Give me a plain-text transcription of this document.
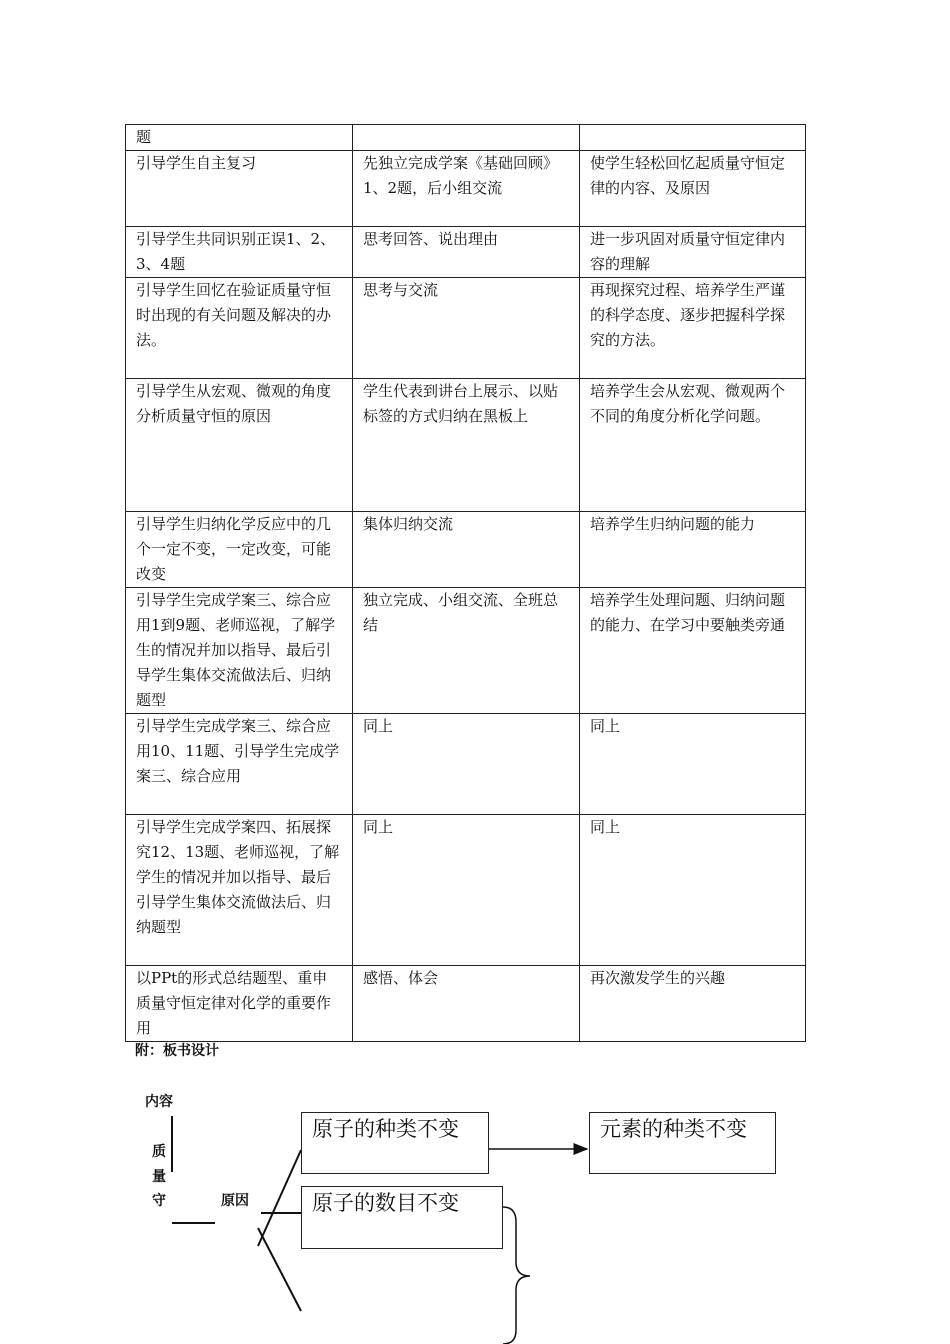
题		
引导学生自主复习	先独立完成学案《基础回顾》1、2题，后小组交流	使学生轻松回忆起质量守恒定律的内容、及原因
引导学生共同识别正误1、2、3、4题	思考回答、说出理由	进一步巩固对质量守恒定律内容的理解
引导学生回忆在验证质量守恒时出现的有关问题及解决的办法。	思考与交流	再现探究过程、培养学生严谨的科学态度、逐步把握科学探究的方法。
引导学生从宏观、微观的角度分析质量守恒的原因	学生代表到讲台上展示、以贴标签的方式归纳在黑板上	培养学生会从宏观、微观两个不同的角度分析化学问题。
引导学生归纳化学反应中的几个一定不变，一定改变，可能改变	集体归纳交流	培养学生归纳问题的能力
引导学生完成学案三、综合应用1到9题、老师巡视，了解学生的情况并加以指导、最后引导学生集体交流做法后、归纳题型	独立完成、小组交流、全班总结	培养学生处理问题、归纳问题的能力、在学习中要触类旁通
引导学生完成学案三、综合应用10、11题、引导学生完成学案三、综合应用	同上	同上
引导学生完成学案四、拓展探究12、13题、老师巡视，了解学生的情况并加以指导、最后引导学生集体交流做法后、归纳题型	同上	同上
以PPt的形式总结题型、重申质量守恒定律对化学的重要作用	感悟、体会	再次激发学生的兴趣
附：板书设计
内容
质
量
守	原因
原子的种类不变	元素的种类不变
原子的数目不变
